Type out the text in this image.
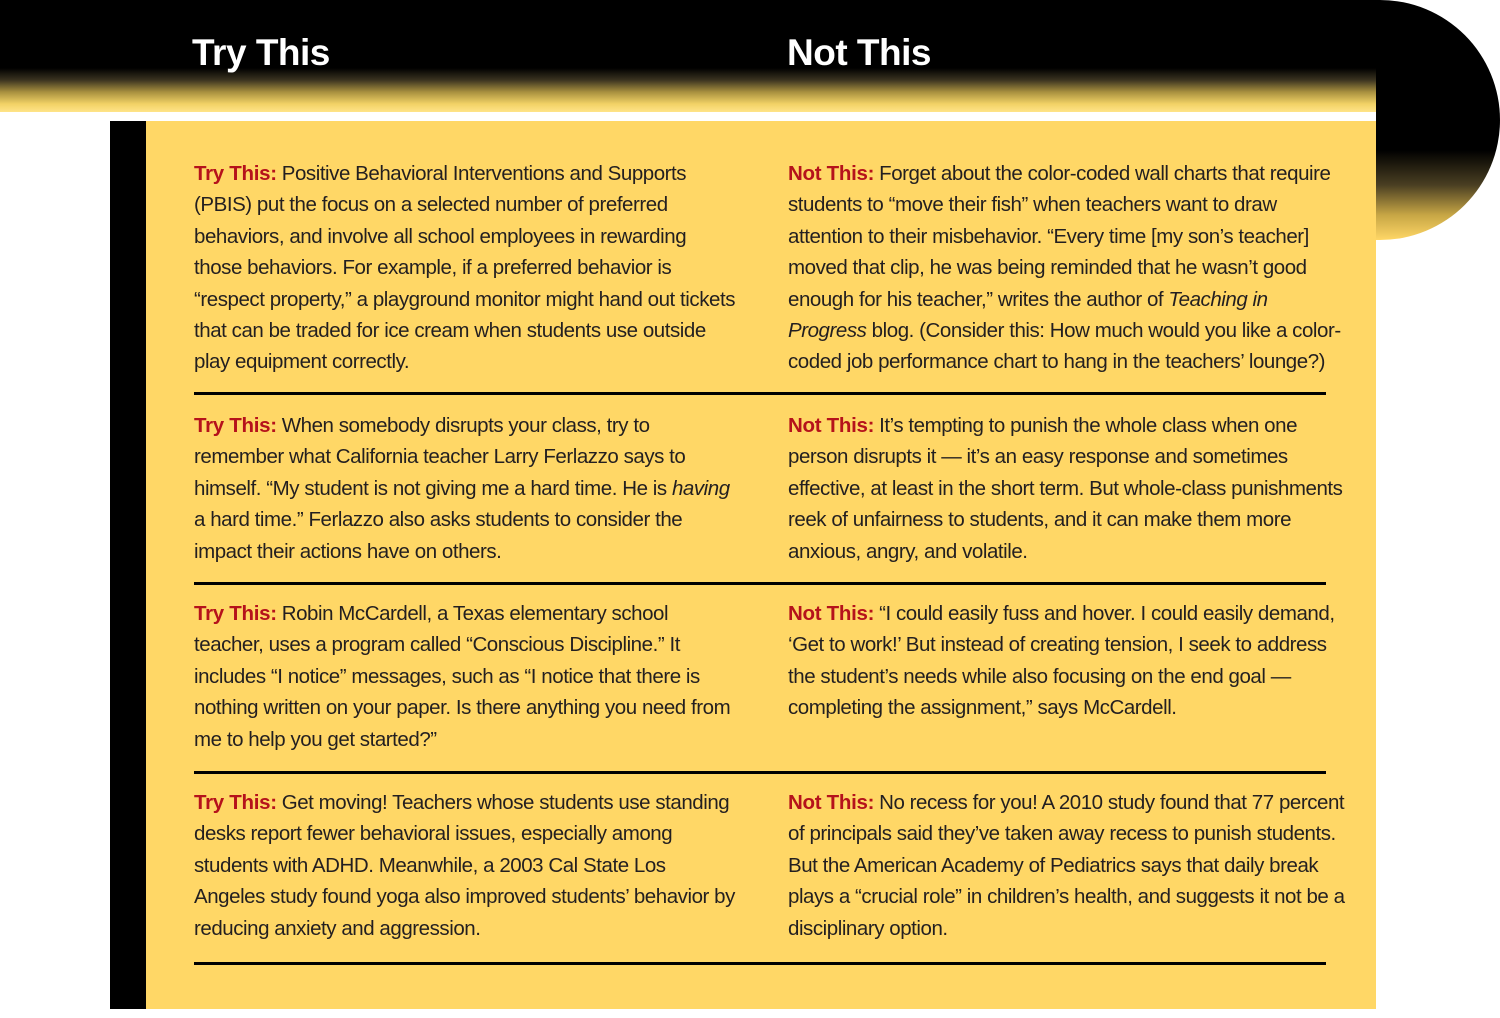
Try This	Not This
Try This: Positive Behavioral Interventions and Supports (PBIS) put the focus on a selected number of preferred behaviors, and involve all school employees in rewarding those behaviors. For example, if a preferred behavior is “respect property,” a playground monitor might hand out tickets that can be traded for ice cream when students use outside play equipment correctly.
Not This: Forget about the color-coded wall charts that require students to “move their fish” when teachers want to draw attention to their misbehavior. “Every time [my son’s teacher] moved that clip, he was being reminded that he wasn’t good enough for his teacher,” writes the author of Teaching in Progress blog. (Consider this: How much would you like a color-coded job performance chart to hang in the teachers’ lounge?)
Try This: When somebody disrupts your class, try to remember what California teacher Larry Ferlazzo says to himself. “My student is not giving me a hard time. He is having a hard time.” Ferlazzo also asks students to consider the impact their actions have on others.
Not This: It’s tempting to punish the whole class when one person disrupts it — it’s an easy response and sometimes effective, at least in the short term. But whole-class punishments reek of unfairness to students, and it can make them more anxious, angry, and volatile.
Try This: Robin McCardell, a Texas elementary school teacher, uses a program called “Conscious Discipline.” It includes “I notice” messages, such as “I notice that there is nothing written on your paper. Is there anything you need from me to help you get started?”
Not This: “I could easily fuss and hover. I could easily demand, ‘Get to work!’ But instead of creating tension, I seek to address the student’s needs while also focusing on the end goal — completing the assignment,” says McCardell.
Try This: Get moving! Teachers whose students use standing desks report fewer behavioral issues, especially among students with ADHD. Meanwhile, a 2003 Cal State Los Angeles study found yoga also improved students’ behavior by reducing anxiety and aggression.
Not This: No recess for you! A 2010 study found that 77 percent of principals said they’ve taken away recess to punish students. But the American Academy of Pediatrics says that daily break plays a “crucial role” in children’s health, and suggests it not be a disciplinary option.
